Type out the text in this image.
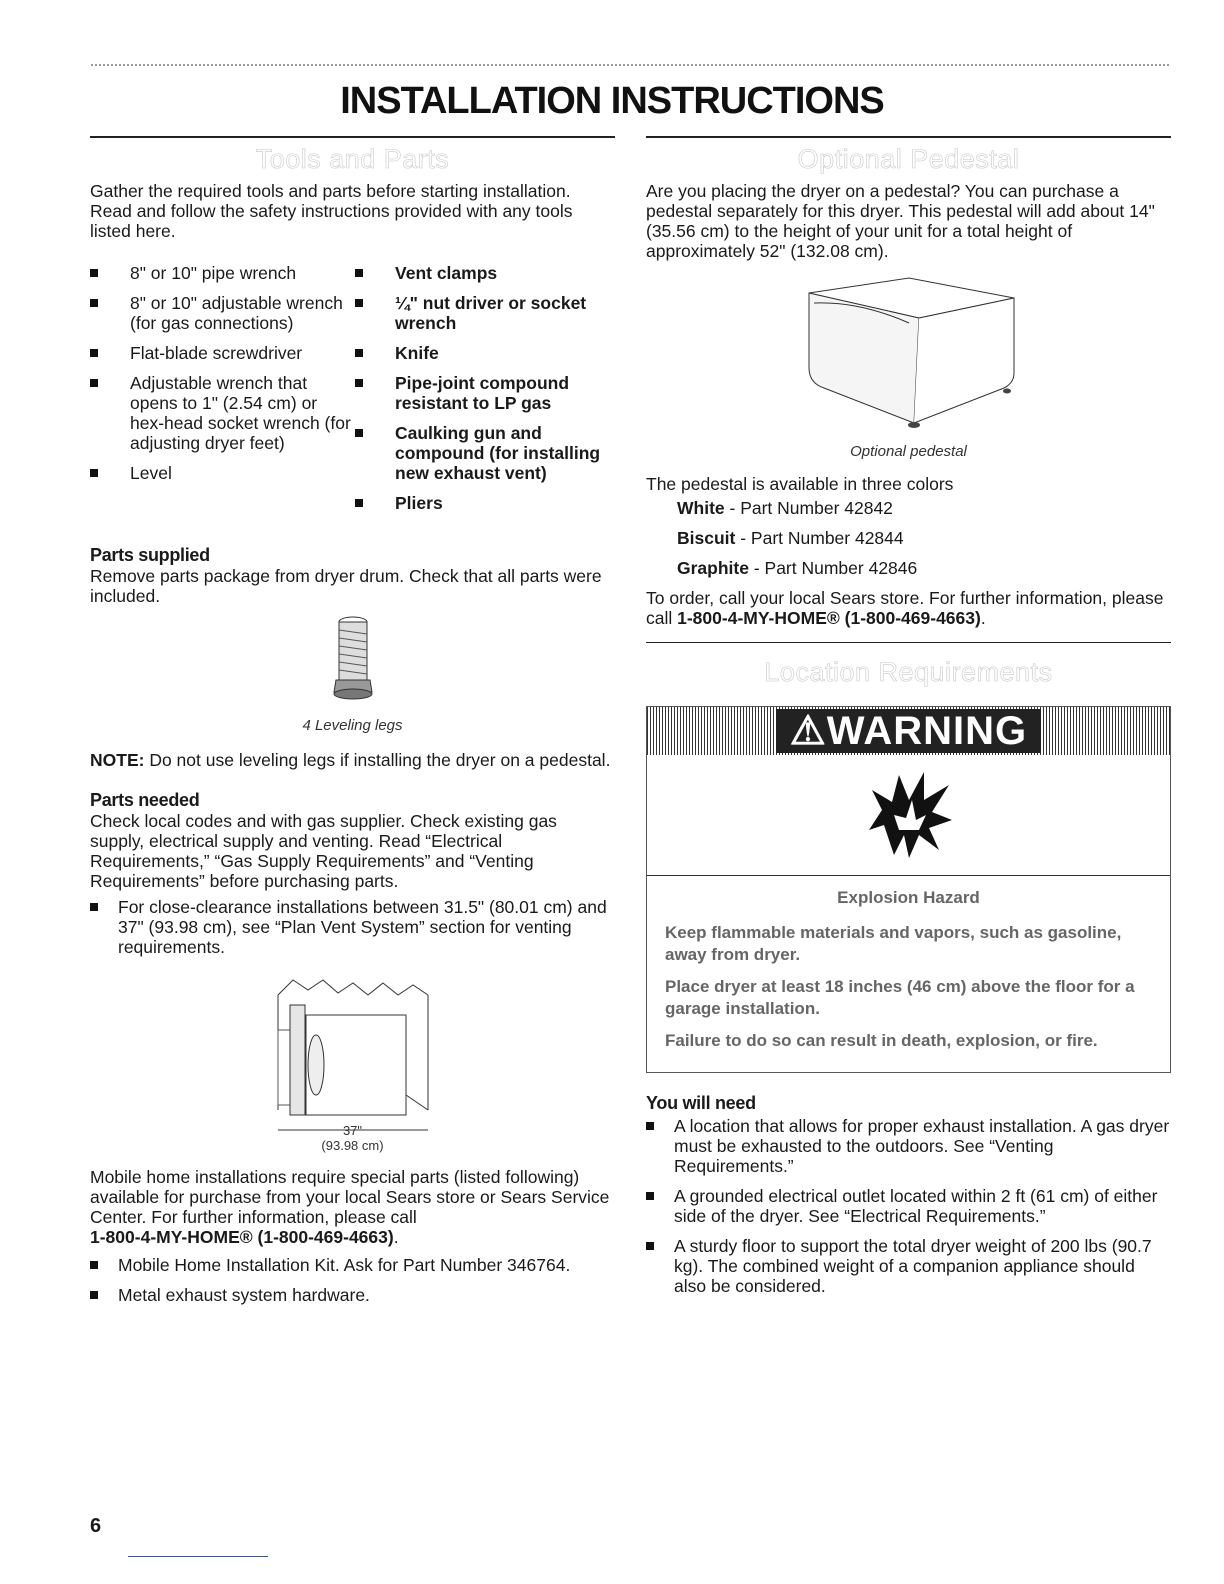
INSTALLATION INSTRUCTIONS
Tools and Parts

Gather the required tools and parts before starting installation. Read and follow the safety instructions provided with any tools listed here.

8" or 10" pipe wrench
8" or 10" adjustable wrench (for gas connections)
Flat-blade screwdriver
Adjustable wrench that opens to 1" (2.54 cm) or hex-head socket wrench (for adjusting dryer feet)
Level
Vent clamps
¼" nut driver or socket wrench
Knife
Pipe-joint compound resistant to LP gas
Caulking gun and compound (for installing new exhaust vent)
Pliers
Parts supplied

Remove parts package from dryer drum. Check that all parts were included.

4 Leveling legs

NOTE: Do not use leveling legs if installing the dryer on a pedestal.

Parts needed

Check local codes and with gas supplier. Check existing gas supply, electrical supply and venting. Read “Electrical Requirements,” “Gas Supply Requirements” and “Venting Requirements” before purchasing parts.

For close-clearance installations between 31.5" (80.01 cm) and 37" (93.98 cm), see “Plan Vent System” section for venting requirements.
37"
(93.98 cm)

Mobile home installations require special parts (listed following) available for purchase from your local Sears store or Sears Service Center. For further information, please call
1-800-4-MY-HOME® (1-800-469-4663).

Mobile Home Installation Kit. Ask for Part Number 346764.
Metal exhaust system hardware.
Optional Pedestal

Are you placing the dryer on a pedestal? You can purchase a pedestal separately for this dryer. This pedestal will add about 14" (35.56 cm) to the height of your unit for a total height of approximately 52" (132.08 cm).

Optional pedestal

The pedestal is available in three colors

White - Part Number 42842

Biscuit - Part Number 42844

Graphite - Part Number 42846

To order, call your local Sears store. For further information, please call 1-800-4-MY-HOME® (1-800-469-4663).

Location Requirements
⚠WARNING
Explosion Hazard

Keep flammable materials and vapors, such as gasoline, away from dryer.

Place dryer at least 18 inches (46 cm) above the floor for a garage installation.

Failure to do so can result in death, explosion, or fire.

You will need
A location that allows for proper exhaust installation. A gas dryer must be exhausted to the outdoors. See “Venting Requirements.”
A grounded electrical outlet located within 2 ft (61 cm) of either side of the dryer. See “Electrical Requirements.”
A sturdy floor to support the total dryer weight of 200 lbs (90.7 kg). The combined weight of a companion appliance should also be considered.
6
